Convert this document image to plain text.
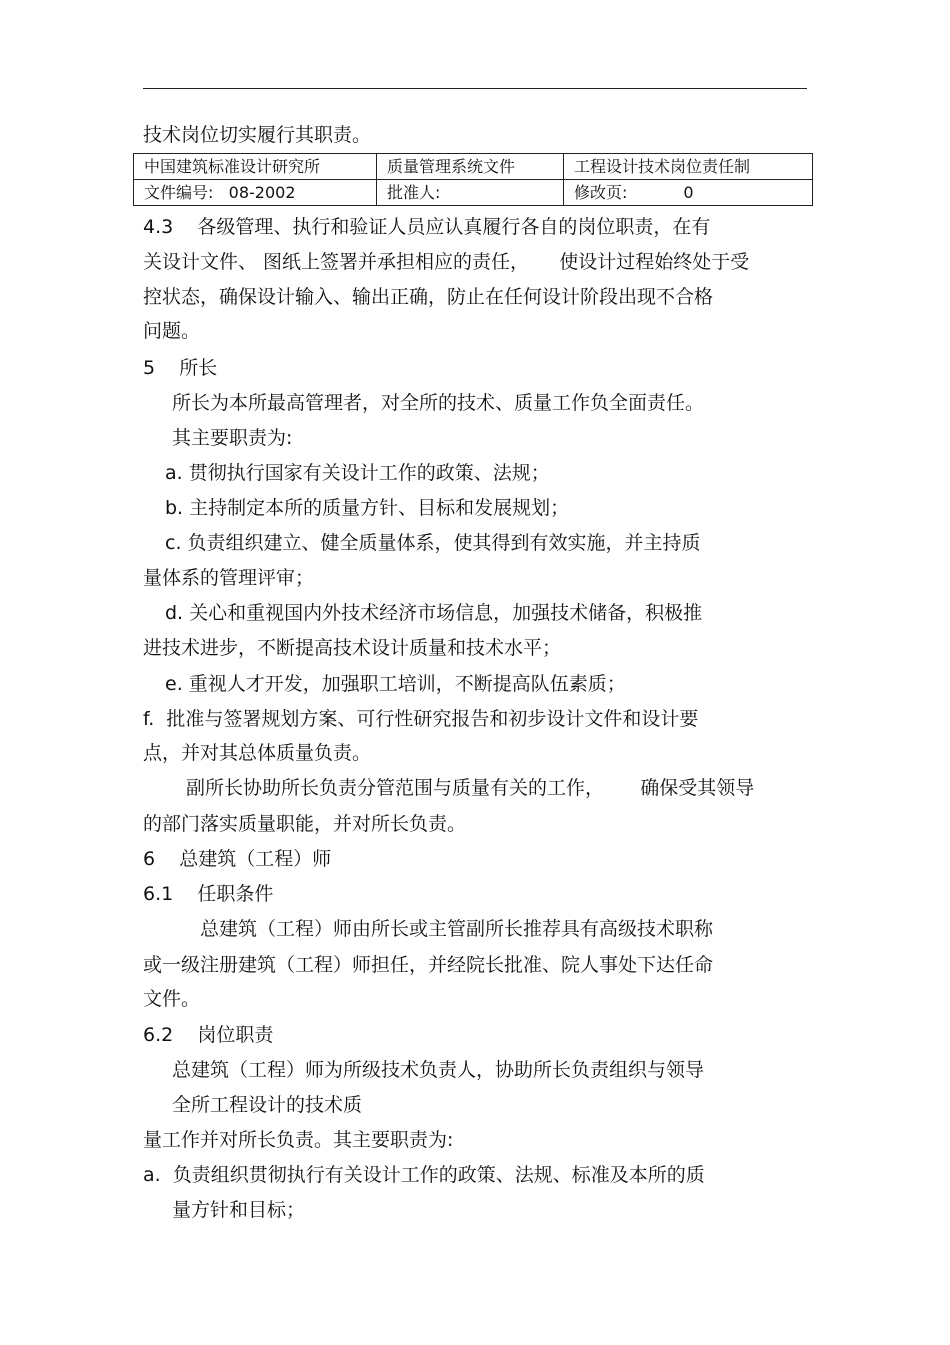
技术岗位切实履行其职责。
中国建筑标准设计研究所	质量管理系统文件	工程设计技术岗位责任制
文件编号:   08-2002	批准人:	修改页:           0
4.3    各级管理、执行和验证人员应认真履行各自的岗位职责，在有
关设计文件、 图纸上签署并承担相应的责任，     使设计过程始终处于受
控状态，确保设计输入、输出正确，防止在任何设计阶段出现不合格
问题。
5    所长
所长为本所最高管理者，对全所的技术、质量工作负全面责任。
其主要职责为:
a. 贯彻执行国家有关设计工作的政策、法规；
b. 主持制定本所的质量方针、目标和发展规划；
c. 负责组织建立、健全质量体系，使其得到有效实施，并主持质
量体系的管理评审；
d. 关心和重视国内外技术经济市场信息，加强技术储备，积极推
进技术进步，不断提高技术设计质量和技术水平；
e. 重视人才开发，加强职工培训，不断提高队伍素质；
f.  批准与签署规划方案、可行性研究报告和初步设计文件和设计要
点，并对其总体质量负责。
副所长协助所长负责分管范围与质量有关的工作，      确保受其领导
的部门落实质量职能，并对所长负责。
6    总建筑（工程）师
6.1    任职条件
总建筑（工程）师由所长或主管副所长推荐具有高级技术职称
或一级注册建筑（工程）师担任，并经院长批准、院人事处下达任命
文件。
6.2    岗位职责
总建筑（工程）师为所级技术负责人，协助所长负责组织与领导
全所工程设计的技术质
量工作并对所长负责。其主要职责为:
a.  负责组织贯彻执行有关设计工作的政策、法规、标准及本所的质
量方针和目标；
